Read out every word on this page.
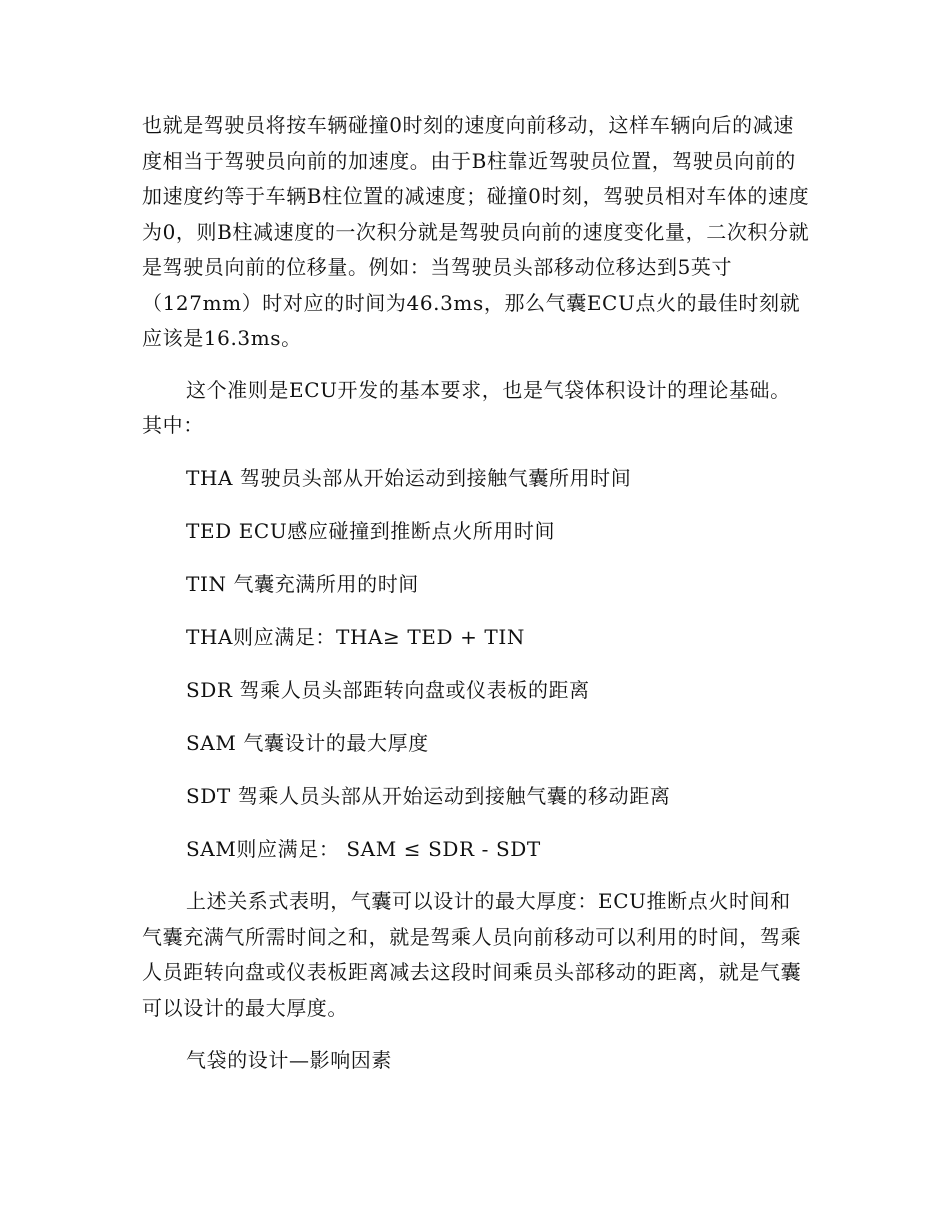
也就是驾驶员将按车辆碰撞0时刻的速度向前移动，这样车辆向后的减速度相当于驾驶员向前的加速度。由于B柱靠近驾驶员位置，驾驶员向前的加速度约等于车辆B柱位置的减速度；碰撞0时刻，驾驶员相对车体的速度为0，则B柱减速度的一次积分就是驾驶员向前的速度变化量，二次积分就是驾驶员向前的位移量。例如：当驾驶员头部移动位移达到5英寸（127mm）时对应的时间为46.3ms，那么气囊ECU点火的最佳时刻就应该是16.3ms。

这个准则是ECU开发的基本要求，也是气袋体积设计的理论基础。其中：

THA 驾驶员头部从开始运动到接触气囊所用时间

TED ECU感应碰撞到推断点火所用时间

TIN 气囊充满所用的时间

THA则应满足：THA≥ TED + TIN

SDR 驾乘人员头部距转向盘或仪表板的距离

SAM 气囊设计的最大厚度

SDT 驾乘人员头部从开始运动到接触气囊的移动距离

SAM则应满足： SAM ≤ SDR - SDT

上述关系式表明，气囊可以设计的最大厚度：ECU推断点火时间和气囊充满气所需时间之和，就是驾乘人员向前移动可以利用的时间，驾乘人员距转向盘或仪表板距离减去这段时间乘员头部移动的距离，就是气囊可以设计的最大厚度。

气袋的设计—影响因素
